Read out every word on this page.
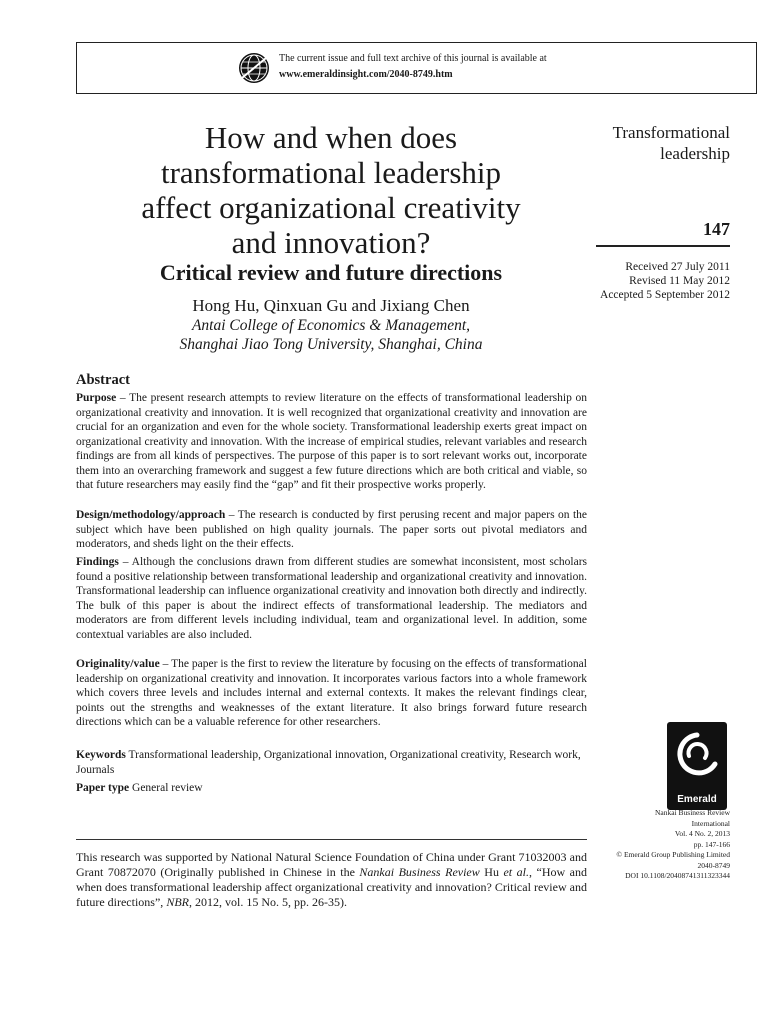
The current issue and full text archive of this journal is available at
www.emeraldinsight.com/2040-8749.htm
How and when does
transformational leadership
affect organizational creativity
and innovation?
Critical review and future directions
Hong Hu, Qinxuan Gu and Jixiang Chen
Antai College of Economics & Management,
Shanghai Jiao Tong University, Shanghai, China
Transformational
leadership
147
Received 27 July 2011
Revised 11 May 2012
Accepted 5 September 2012
Abstract
Purpose – The present research attempts to review literature on the effects of transformational leadership on organizational creativity and innovation. It is well recognized that organizational creativity and innovation are crucial for an organization and even for the whole society. Transformational leadership exerts great impact on organizational creativity and innovation. With the increase of empirical studies, relevant variables and research findings are from all kinds of perspectives. The purpose of this paper is to sort relevant works out, incorporate them into an overarching framework and suggest a few future directions which are both critical and viable, so that future researchers may easily find the “gap” and fit their prospective works properly.
Design/methodology/approach – The research is conducted by first perusing recent and major papers on the subject which have been published on high quality journals. The paper sorts out pivotal mediators and moderators, and sheds light on the their effects.
Findings – Although the conclusions drawn from different studies are somewhat inconsistent, most scholars found a positive relationship between transformational leadership and organizational creativity and innovation. Transformational leadership can influence organizational creativity and innovation both directly and indirectly. The bulk of this paper is about the indirect effects of transformational leadership. The mediators and moderators are from different levels including individual, team and organizational level. In addition, some contextual variables are also included.
Originality/value – The paper is the first to review the literature by focusing on the effects of transformational leadership on organizational creativity and innovation. It incorporates various factors into a whole framework which covers three levels and includes internal and external contexts. It makes the relevant findings clear, points out the strengths and weaknesses of the extant literature. It also brings forward future research directions which can be a valuable reference for other researchers.
Keywords Transformational leadership, Organizational innovation, Organizational creativity, Research work, Journals
Paper type General review
Emerald
Nankai Business Review
International
Vol. 4 No. 2, 2013
pp. 147-166
© Emerald Group Publishing Limited
2040-8749
DOI 10.1108/20408741311323344
This research was supported by National Natural Science Foundation of China under Grant 71032003 and Grant 70872070 (Originally published in Chinese in the Nankai Business Review Hu et al., “How and when does transformational leadership affect organizational creativity and innovation? Critical review and future directions”, NBR, 2012, vol. 15 No. 5, pp. 26-35).
